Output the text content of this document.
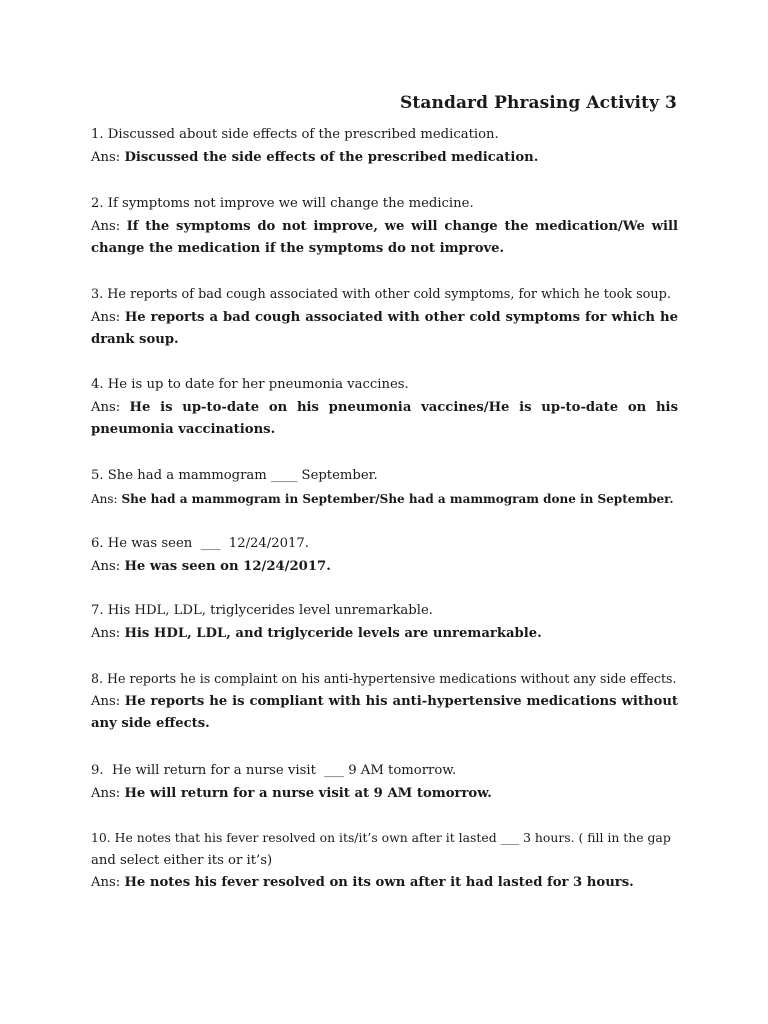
Standard Phrasing Activity 3
1. Discussed about side effects of the prescribed medication.
Ans: Discussed the side effects of the prescribed medication.
2. If symptoms not improve we will change the medicine.
Ans: If the symptoms do not improve, we will change the medication/We will change the medication if the symptoms do not improve.
3. He reports of bad cough associated with other cold symptoms, for which he took soup.
Ans: He reports a bad cough associated with other cold symptoms for which he drank soup.
4. He is up to date for her pneumonia vaccines.
Ans: He is up-to-date on his pneumonia vaccines/He is up-to-date on his pneumonia vaccinations.
5. She had a mammogram ____ September.
Ans: She had a mammogram in September/She had a mammogram done in September.
6. He was seen  ___  12/24/2017.
Ans: He was seen on 12/24/2017.
7. His HDL, LDL, triglycerides level unremarkable.
Ans: His HDL, LDL, and triglyceride levels are unremarkable.
8. He reports he is complaint on his anti-hypertensive medications without any side effects.
Ans: He reports he is compliant with his anti-hypertensive medications without any side effects.
9.  He will return for a nurse visit  ___ 9 AM tomorrow.
Ans: He will return for a nurse visit at 9 AM tomorrow.
10. He notes that his fever resolved on its/it’s own after it lasted ___ 3 hours. ( fill in the gap
and select either its or it’s)
Ans: He notes his fever resolved on its own after it had lasted for 3 hours.
